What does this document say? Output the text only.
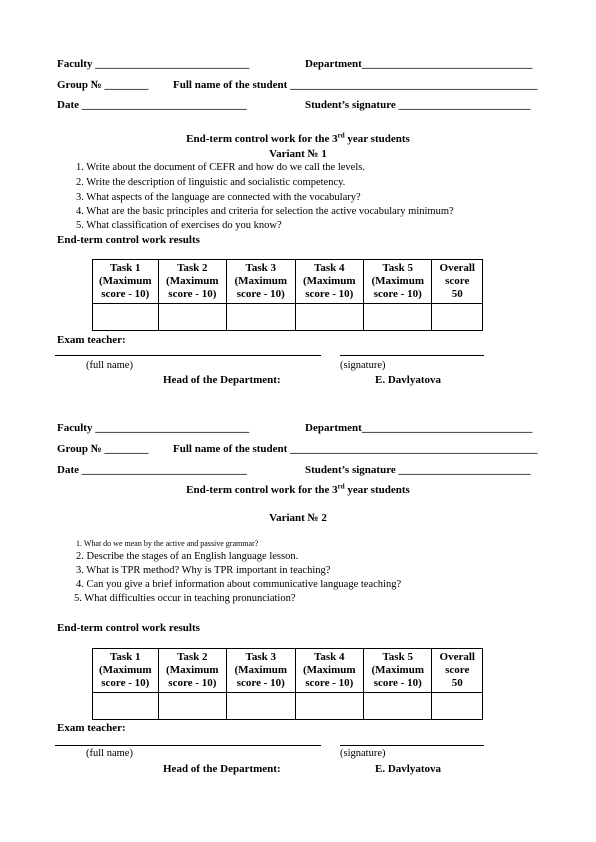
Faculty ____________________________	Department_______________________________
Group № ________ Full name of the student _____________________________________________
Date ______________________________	Student’s signature ________________________
End-term control work for the 3rd year students
Variant № 1
1. Write about the document of CEFR and how do we call the levels.
2. Write the description of linguistic and socialistic competency.
3. What aspects of the language are connected with the vocabulary?
4. What are the basic principles and criteria for selection the active vocabulary minimum?
5. What classification of exercises do you know?
End-term control work results
Task 1
(Maximum
score - 10)	Task 2
(Maximum
score - 10)	Task 3
(Maximum
score - 10)	Task 4
(Maximum
score - 10)	Task 5
(Maximum
score - 10)	Overall
score
50

Exam teacher:
(full name)	(signature)
Head of the Department:	E. Davlyatova
Faculty ____________________________	Department_______________________________
Group № ________ Full name of the student _____________________________________________
Date ______________________________	Student’s signature ________________________
End-term control work for the 3rd year students
Variant № 2
1. What do we mean by the active and passive grammar?
2. Describe the stages of an English language lesson.
3. What is TPR method? Why is TPR important in teaching?
4. Can you give a brief information about communicative language teaching?
5. What difficulties occur in teaching pronunciation?
End-term control work results
Task 1
(Maximum
score - 10)	Task 2
(Maximum
score - 10)	Task 3
(Maximum
score - 10)	Task 4
(Maximum
score - 10)	Task 5
(Maximum
score - 10)	Overall
score
50

Exam teacher:
(full name)	(signature)
Head of the Department:	E. Davlyatova
